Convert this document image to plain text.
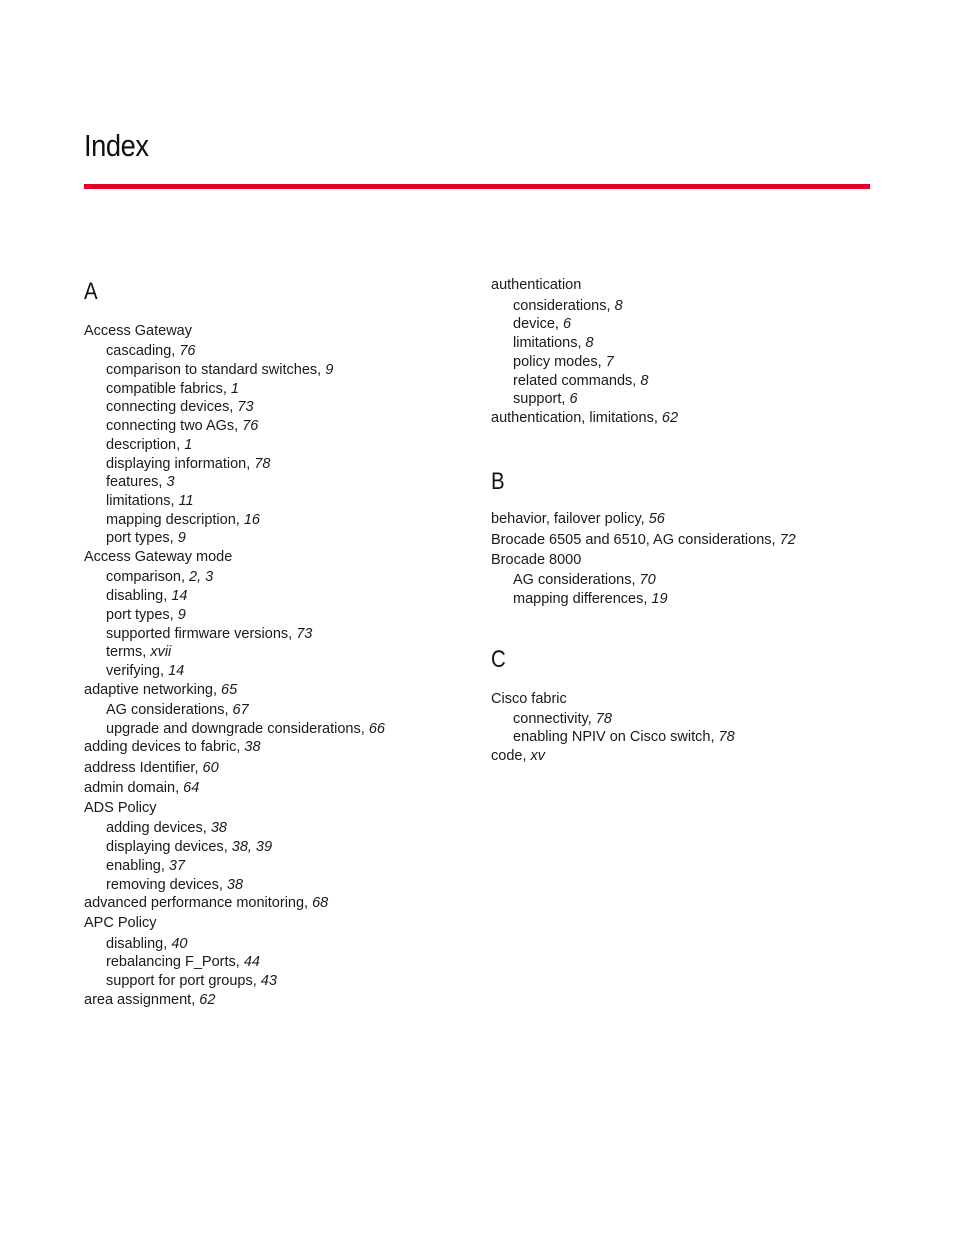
Index
A
Access Gateway
cascading, 76
comparison to standard switches, 9
compatible fabrics, 1
connecting devices, 73
connecting two AGs, 76
description, 1
displaying information, 78
features, 3
limitations, 11
mapping description, 16
port types, 9
Access Gateway mode
comparison, 2, 3
disabling, 14
port types, 9
supported firmware versions, 73
terms, xvii
verifying, 14
adaptive networking, 65
AG considerations, 67
upgrade and downgrade considerations, 66
adding devices to fabric, 38
address Identifier, 60
admin domain, 64
ADS Policy
adding devices, 38
displaying devices, 38, 39
enabling, 37
removing devices, 38
advanced performance monitoring, 68
APC Policy
disabling, 40
rebalancing F_Ports, 44
support for port groups, 43
area assignment, 62
authentication
considerations, 8
device, 6
limitations, 8
policy modes, 7
related commands, 8
support, 6
authentication, limitations, 62
B
behavior, failover policy, 56
Brocade 6505 and 6510, AG considerations, 72
Brocade 8000
AG considerations, 70
mapping differences, 19
C
Cisco fabric
connectivity, 78
enabling NPIV on Cisco switch, 78
code, xv
